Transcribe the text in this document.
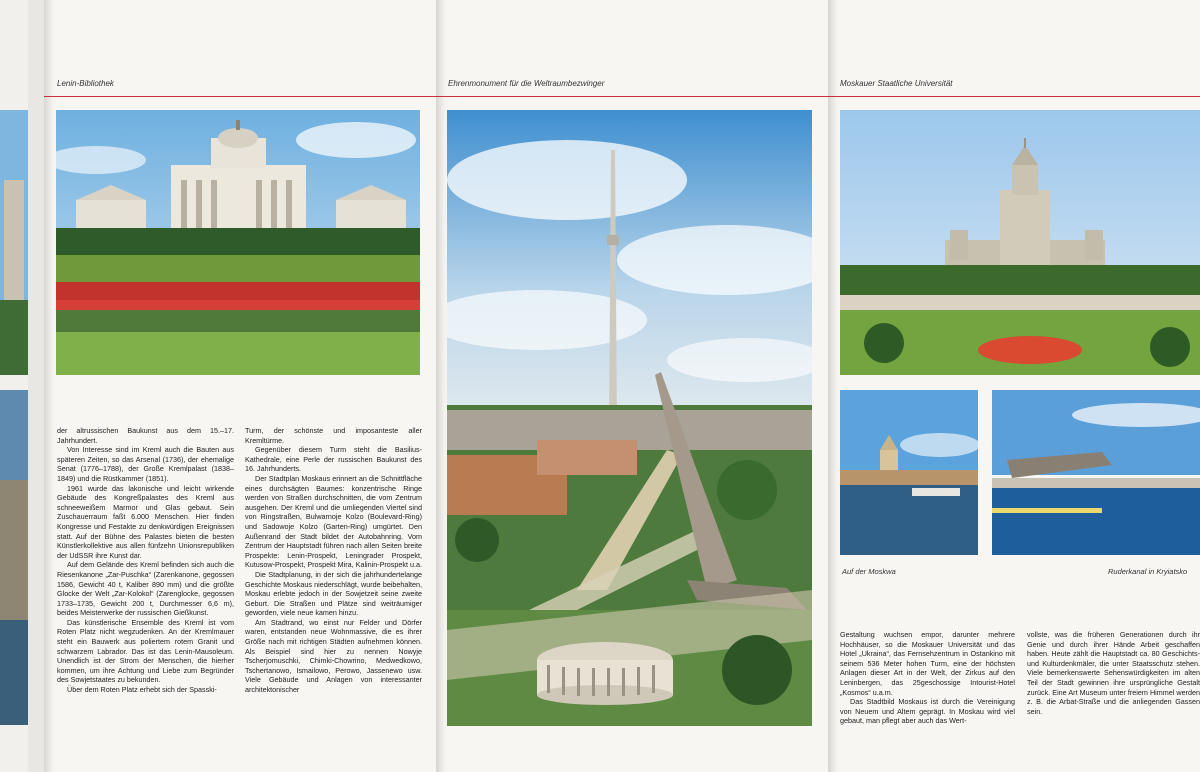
Lenin-Bibliothek

der altrussischen Baukunst aus dem 15.–17. Jahrhundert.

Von Interesse sind im Kreml auch die Bauten aus späteren Zeiten, so das Arsenal (1736), der ehemalige Senat (1776–1788), der Große Kremlpalast (1838–1849) und die Rüstkammer (1851).

1961 wurde das lakonische und leicht wirkende Gebäude des Kongreßpalastes des Kreml aus schneeweißem Marmor und Glas gebaut. Sein Zuschauerraum faßt 6.000 Menschen. Hier finden Kongresse und Festakte zu denkwürdigen Ereignissen statt. Auf der Bühne des Palastes bieten die besten Künstlerkollektive aus allen fünfzehn Unionsrepubliken der UdSSR ihre Kunst dar.

Auf dem Gelände des Kreml befinden sich auch die Riesenkanone „Zar-Puschka“ (Zarenkanone, gegossen 1586, Gewicht 40 t, Kaliber 890 mm) und die größte Glocke der Welt „Zar-Kolokol“ (Zarenglocke, gegossen 1733–1735, Gewicht 200 t, Durchmesser 6,6 m), beides Meisterwerke der russischen Gießkunst.

Das künstlerische Ensemble des Kreml ist vom Roten Platz nicht wegzudenken. An der Kremlmauer steht ein Bauwerk aus poliertem rotem Granit und schwarzem Labrador. Das ist das Lenin-Mausoleum. Unendlich ist der Strom der Menschen, die hierher kommen, um ihre Achtung und Liebe zum Begründer des Sowjetstaates zu bekunden.

Über dem Roten Platz erhebt sich der Spasski-

Turm, der schönste und imposanteste aller Kremltürme.

Gegenüber diesem Turm steht die Basilius-Kathedrale, eine Perle der russischen Baukunst des 16. Jahrhunderts.

Der Stadtplan Moskaus erinnert an die Schnittfläche eines durchsägten Baumes: konzentrische Ringe werden von Straßen durchschnitten, die vom Zentrum ausgehen. Der Kreml und die umliegenden Viertel sind von Ringstraßen, Bulwarnoje Kolzo (Boulevard-Ring) und Sadowoje Kolzo (Garten-Ring) umgürtet. Den Außenrand der Stadt bildet der Autobahnring. Vom Zentrum der Hauptstadt führen nach allen Seiten breite Prospekte: Lenin-Prospekt, Leningrader Prospekt, Kutusow-Prospekt, Prospekt Mira, Kalinin-Prospekt u.a.

Die Stadtplanung, in der sich die jahrhundertelange Geschichte Moskaus niederschlägt, wurde beibehalten, Moskau erlebte jedoch in der Sowjetzeit seine zweite Geburt. Die Straßen und Plätze sind weiträumiger geworden, viele neue kamen hinzu.

Am Stadtrand, wo einst nur Felder und Dörfer waren, entstanden neue Wohnmassive, die es ihrer Größe nach mit richtigen Städten aufnehmen können. Als Beispiel sind hier zu nennen Nowyje Tscherjomuschki, Chimki-Chowrino, Medwedkowo, Tschertanowo, Ismailowo, Perowo, Jassenewo usw. Viele Gebäude und Anlagen von interessanter architektonischer

Ehrenmonument für die Weltraumbezwinger	Moskauer Staatliche Universität
Auf der Moskwa	Ruderkanal in Kryiatsko

Gestaltung wuchsen empor, darunter mehrere Hochhäuser, so die Moskauer Universität und das Hotel „Ukraina“, das Fernsehzentrum in Ostankino mit seinem 536 Meter hohen Turm, eine der höchsten Anlagen dieser Art in der Welt, der Zirkus auf den Leninbergen, das 25geschossige Intourist-Hotel „Kosmos“ u.a.m.

Das Stadtbild Moskaus ist durch die Vereinigung von Neuem und Altem geprägt. In Moskau wird viel gebaut, man pflegt aber auch das Wert-

vollste, was die früheren Generationen durch ihr Genie und durch ihrer Hände Arbeit geschaffen haben. Heute zählt die Hauptstadt ca. 80 Geschichts- und Kulturdenkmäler, die unter Staatsschutz stehen. Viele bemerkenswerte Sehenswürdigkeiten im alten Teil der Stadt gewinnen ihre ursprüngliche Gestalt zurück. Eine Art Museum unter freiem Himmel werden z. B. die Arbat-Straße und die anliegenden Gassen sein.
